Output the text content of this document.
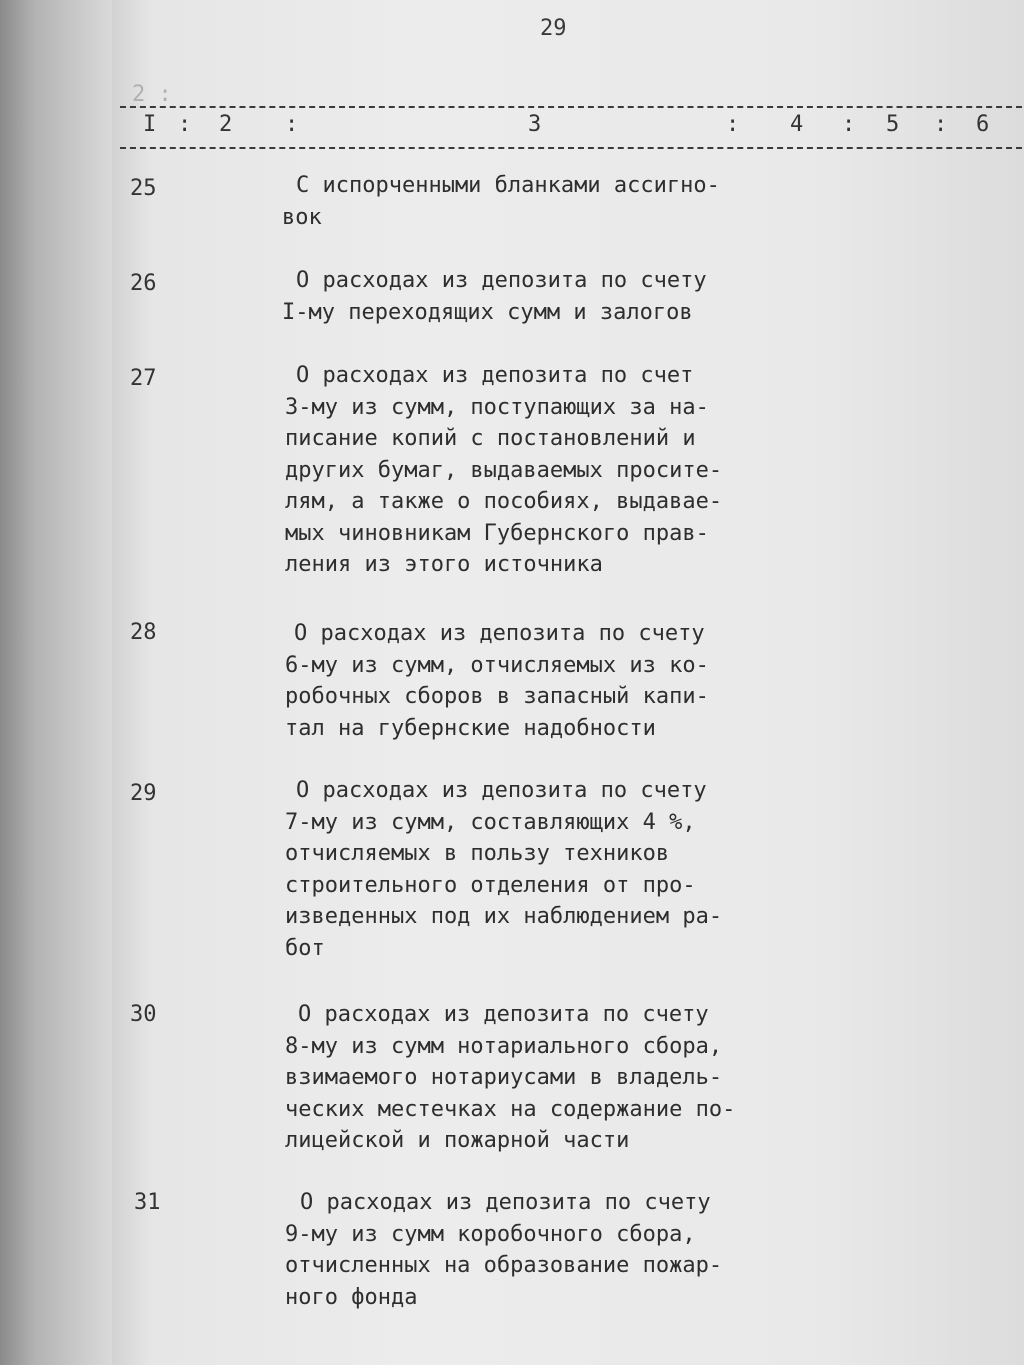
2 :
29
I : 2 :	3	: 4 : 5 : 6
25	С испорченными бланками ассигно-
вок
26	О расходах из депозита по счету
I-му переходящих сумм и залогов
27	О расходах из депозита по счет
3-му из сумм, поступающих за на-
писание копий с постановлений и
других бумаг, выдаваемых просите-
лям, а также о пособиях, выдавае-
мых чиновникам Губернского прав-
ления из этого источника
28	О расходах из депозита по счету
6-му из сумм, отчисляемых из ко-
робочных сборов в запасный капи-
тал на губернские надобности
29	О расходах из депозита по счету
7-му из сумм, составляющих 4 %,
отчисляемых в пользу техников
строительного отделения от про-
изведенных под их наблюдением ра-
бот
30	О расходах из депозита по счету
8-му из сумм нотариального сбора,
взимаемого нотариусами в владель-
ческих местечках на содержание по-
лицейской и пожарной части
31	О расходах из депозита по счету
9-му из сумм коробочного сбора,
отчисленных на образование пожар-
ного фонда
